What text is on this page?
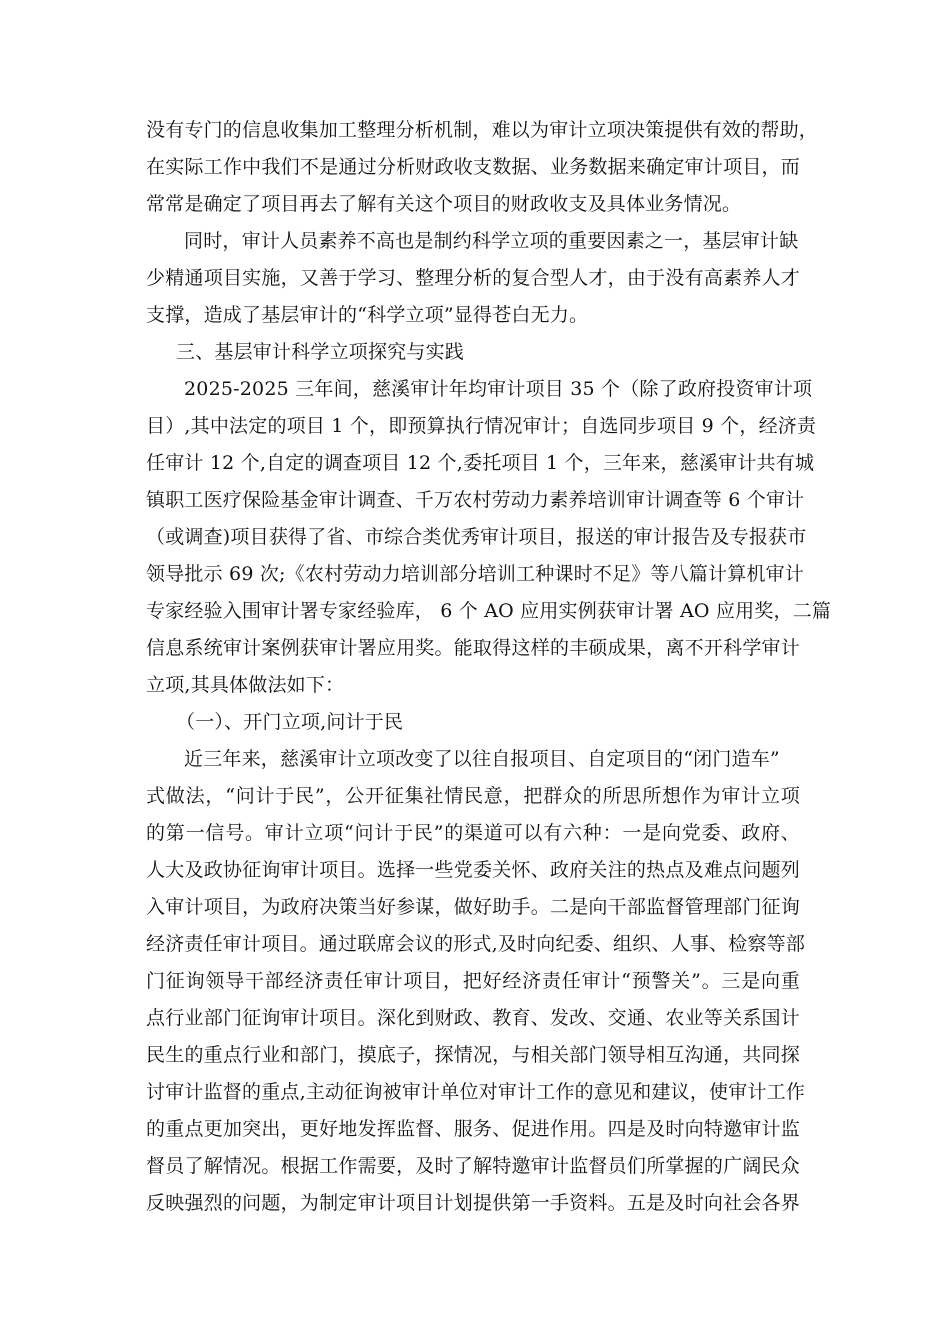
没有专门的信息收集加工整理分析机制，难以为审计立项决策提供有效的帮助，
在实际工作中我们不是通过分析财政收支数据、业务数据来确定审计项目，而
常常是确定了项目再去了解有关这个项目的财政收支及具体业务情况。
同时，审计人员素养不高也是制约科学立项的重要因素之一，基层审计缺
少精通项目实施，又善于学习、整理分析的复合型人才，由于没有高素养人才
支撑，造成了基层审计的“科学立项”显得苍白无力。
三、基层审计科学立项探究与实践
2025-2025 三年间，慈溪审计年均审计项目 35 个（除了政府投资审计项
目）,其中法定的项目 1 个，即预算执行情况审计；自选同步项目 9 个，经济责
任审计 12 个,自定的调查项目 12 个,委托项目 1 个，三年来，慈溪审计共有城
镇职工医疗保险基金审计调查、千万农村劳动力素养培训审计调查等 6 个审计
（或调查)项目获得了省、市综合类优秀审计项目，报送的审计报告及专报获市
领导批示 69 次;《农村劳动力培训部分培训工种课时不足》等八篇计算机审计
专家经验入围审计署专家经验库， 6 个 AO 应用实例获审计署 AO 应用奖，二篇
信息系统审计案例获审计署应用奖。能取得这样的丰硕成果，离不开科学审计
立项,其具体做法如下：
（一）、开门立项,问计于民
近三年来，慈溪审计立项改变了以往自报项目、自定项目的“闭门造车”
式做法，“问计于民”，公开征集社情民意，把群众的所思所想作为审计立项
的第一信号。审计立项“问计于民”的渠道可以有六种：一是向党委、政府、
人大及政协征询审计项目。选择一些党委关怀、政府关注的热点及难点问题列
入审计项目，为政府决策当好参谋，做好助手。二是向干部监督管理部门征询
经济责任审计项目。通过联席会议的形式,及时向纪委、组织、人事、检察等部
门征询领导干部经济责任审计项目，把好经济责任审计“预警关”。三是向重
点行业部门征询审计项目。深化到财政、教育、发改、交通、农业等关系国计
民生的重点行业和部门，摸底子，探情况，与相关部门领导相互沟通，共同探
讨审计监督的重点,主动征询被审计单位对审计工作的意见和建议，使审计工作
的重点更加突出，更好地发挥监督、服务、促进作用。四是及时向特邀审计监
督员了解情况。根据工作需要，及时了解特邀审计监督员们所掌握的广阔民众
反映强烈的问题，为制定审计项目计划提供第一手资料。五是及时向社会各界
